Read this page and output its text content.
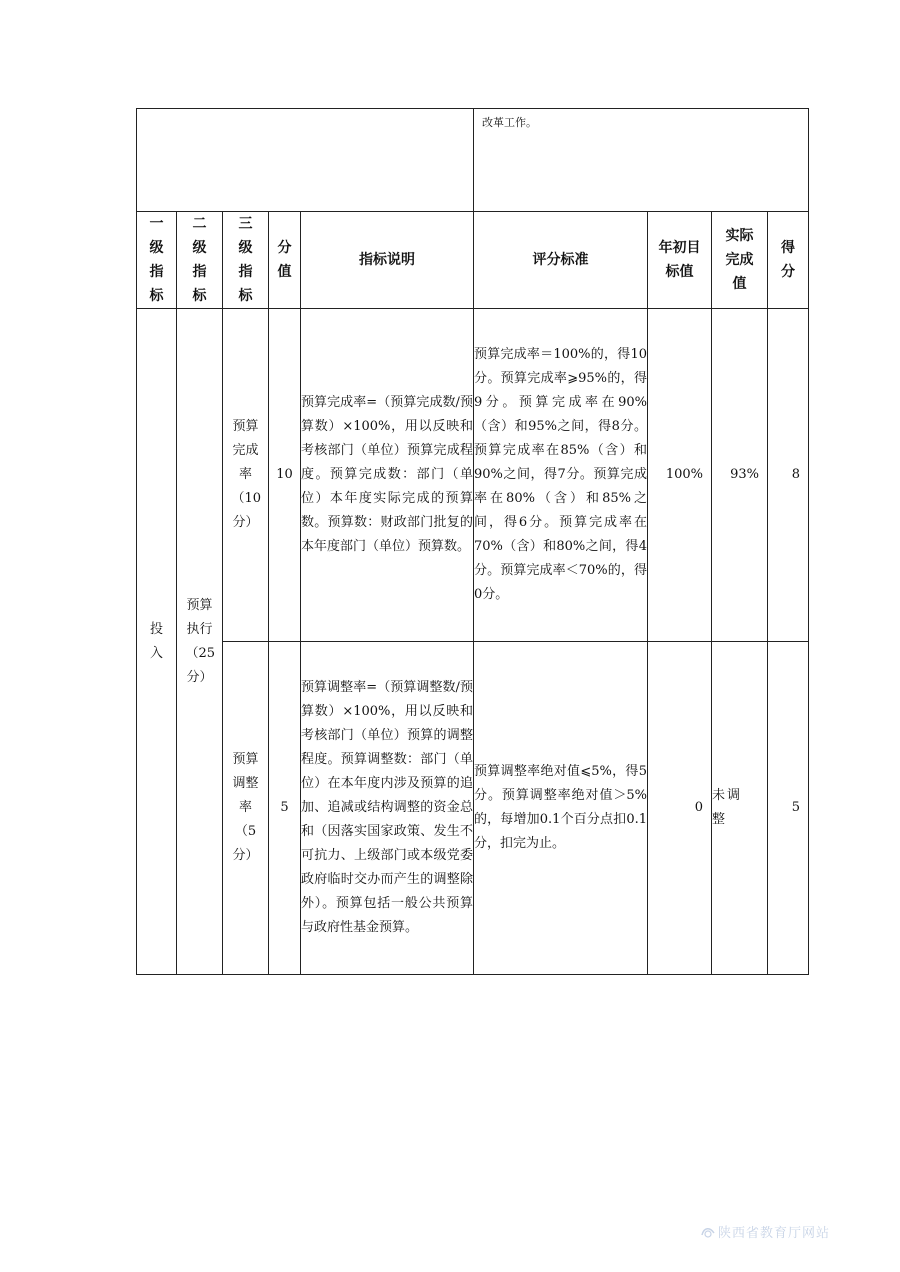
					改革工作。			

一级指标	二级指标	三级指标	分值	指标说明	评分标准	年初目标值	实际完成值	得分

投入	预算执行（25分）	预算完成率（10分）	10	预算完成率=（预算完成数/预算数）×100%，用以反映和考核部门（单位）预算完成程度。预算完成数：部门（单位）本年度实际完成的预算数。预算数：财政部门批复的本年度部门（单位）预算数。	预算完成率＝100%的，得10分。预算完成率⩾95%的，得9分。预算完成率在90%（含）和95%之间，得8分。预算完成率在85%（含）和90%之间，得7分。预算完成率在80%（含）和85%之间，得6分。预算完成率在70%（含）和80%之间，得4分。预算完成率＜70%的，得0分。	100%	93%	8

		预算调整率（5分）	5	预算调整率=（预算调整数/预算数）×100%，用以反映和考核部门（单位）预算的调整程度。预算调整数：部门（单位）在本年度内涉及预算的追加、追减或结构调整的资金总和（因落实国家政策、发生不可抗力、上级部门或本级党委政府临时交办而产生的调整除外）。预算包括一般公共预算与政府性基金预算。	预算调整率绝对值⩽5%，得5分。预算调整率绝对值＞5%的，每增加0.1个百分点扣0.1分，扣完为止。	0	未调整	5
陕西省教育厅网站
